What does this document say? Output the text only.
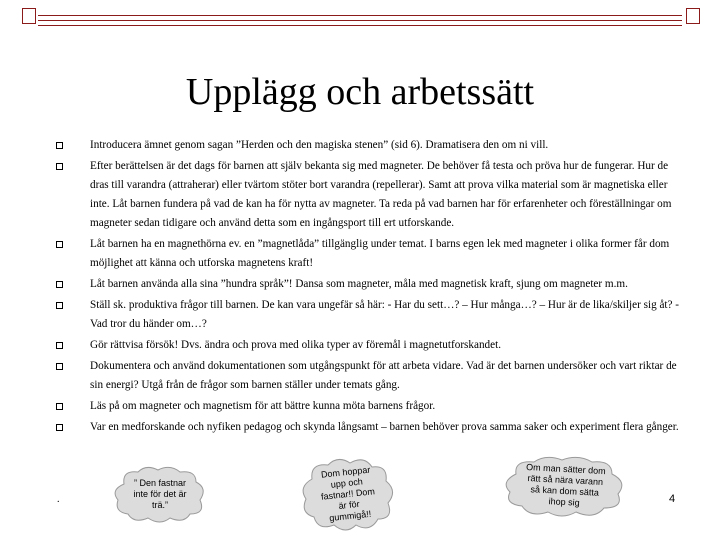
Upplägg och arbetssätt
Introducera ämnet genom sagan ”Herden och den magiska stenen” (sid 6). Dramatisera den om ni vill.
Efter berättelsen är det dags för barnen att själv bekanta sig med magneter. De behöver få testa och pröva hur de fungerar. Hur de dras till varandra (attraherar) eller tvärtom stöter bort varandra (repellerar). Samt att prova vilka material som är magnetiska eller inte. Låt barnen fundera på vad de kan ha för nytta av magneter. Ta reda på vad barnen har för erfarenheter och föreställningar om magneter sedan tidigare och använd detta som en ingångsport till ert utforskande.
Låt barnen ha en magnethörna ev. en ”magnetlåda” tillgänglig under temat. I barns egen lek med magneter i olika former får dom möjlighet att känna och utforska magnetens kraft!
Låt barnen använda alla sina ”hundra språk”! Dansa som magneter, måla med magnetisk kraft, sjung om magneter m.m.
Ställ sk. produktiva frågor till barnen. De kan vara ungefär så här: - Har du sett…? – Hur många…? – Hur är de lika/skiljer sig åt? - Vad tror du händer om…?
Gör rättvisa försök! Dvs. ändra och prova med olika typer av föremål i magnetutforskandet.
Dokumentera och använd dokumentationen som utgångspunkt för att arbeta vidare. Vad är det barnen undersöker och vart riktar de sin energi? Utgå från de frågor som barnen ställer under temats gång.
Läs på om magneter och magnetism för att bättre kunna möta barnens frågor.
Var en medforskande och nyfiken pedagog och skynda långsamt – barnen behöver prova samma saker och experiment flera gånger.
.	4
” Den fastnar
inte för det är
trä.”
Dom hoppar
upp och
fastnar!! Dom
är för
gummigå!!
Om man sätter dom
rätt så nära varann
så kan dom sätta
ihop sig
